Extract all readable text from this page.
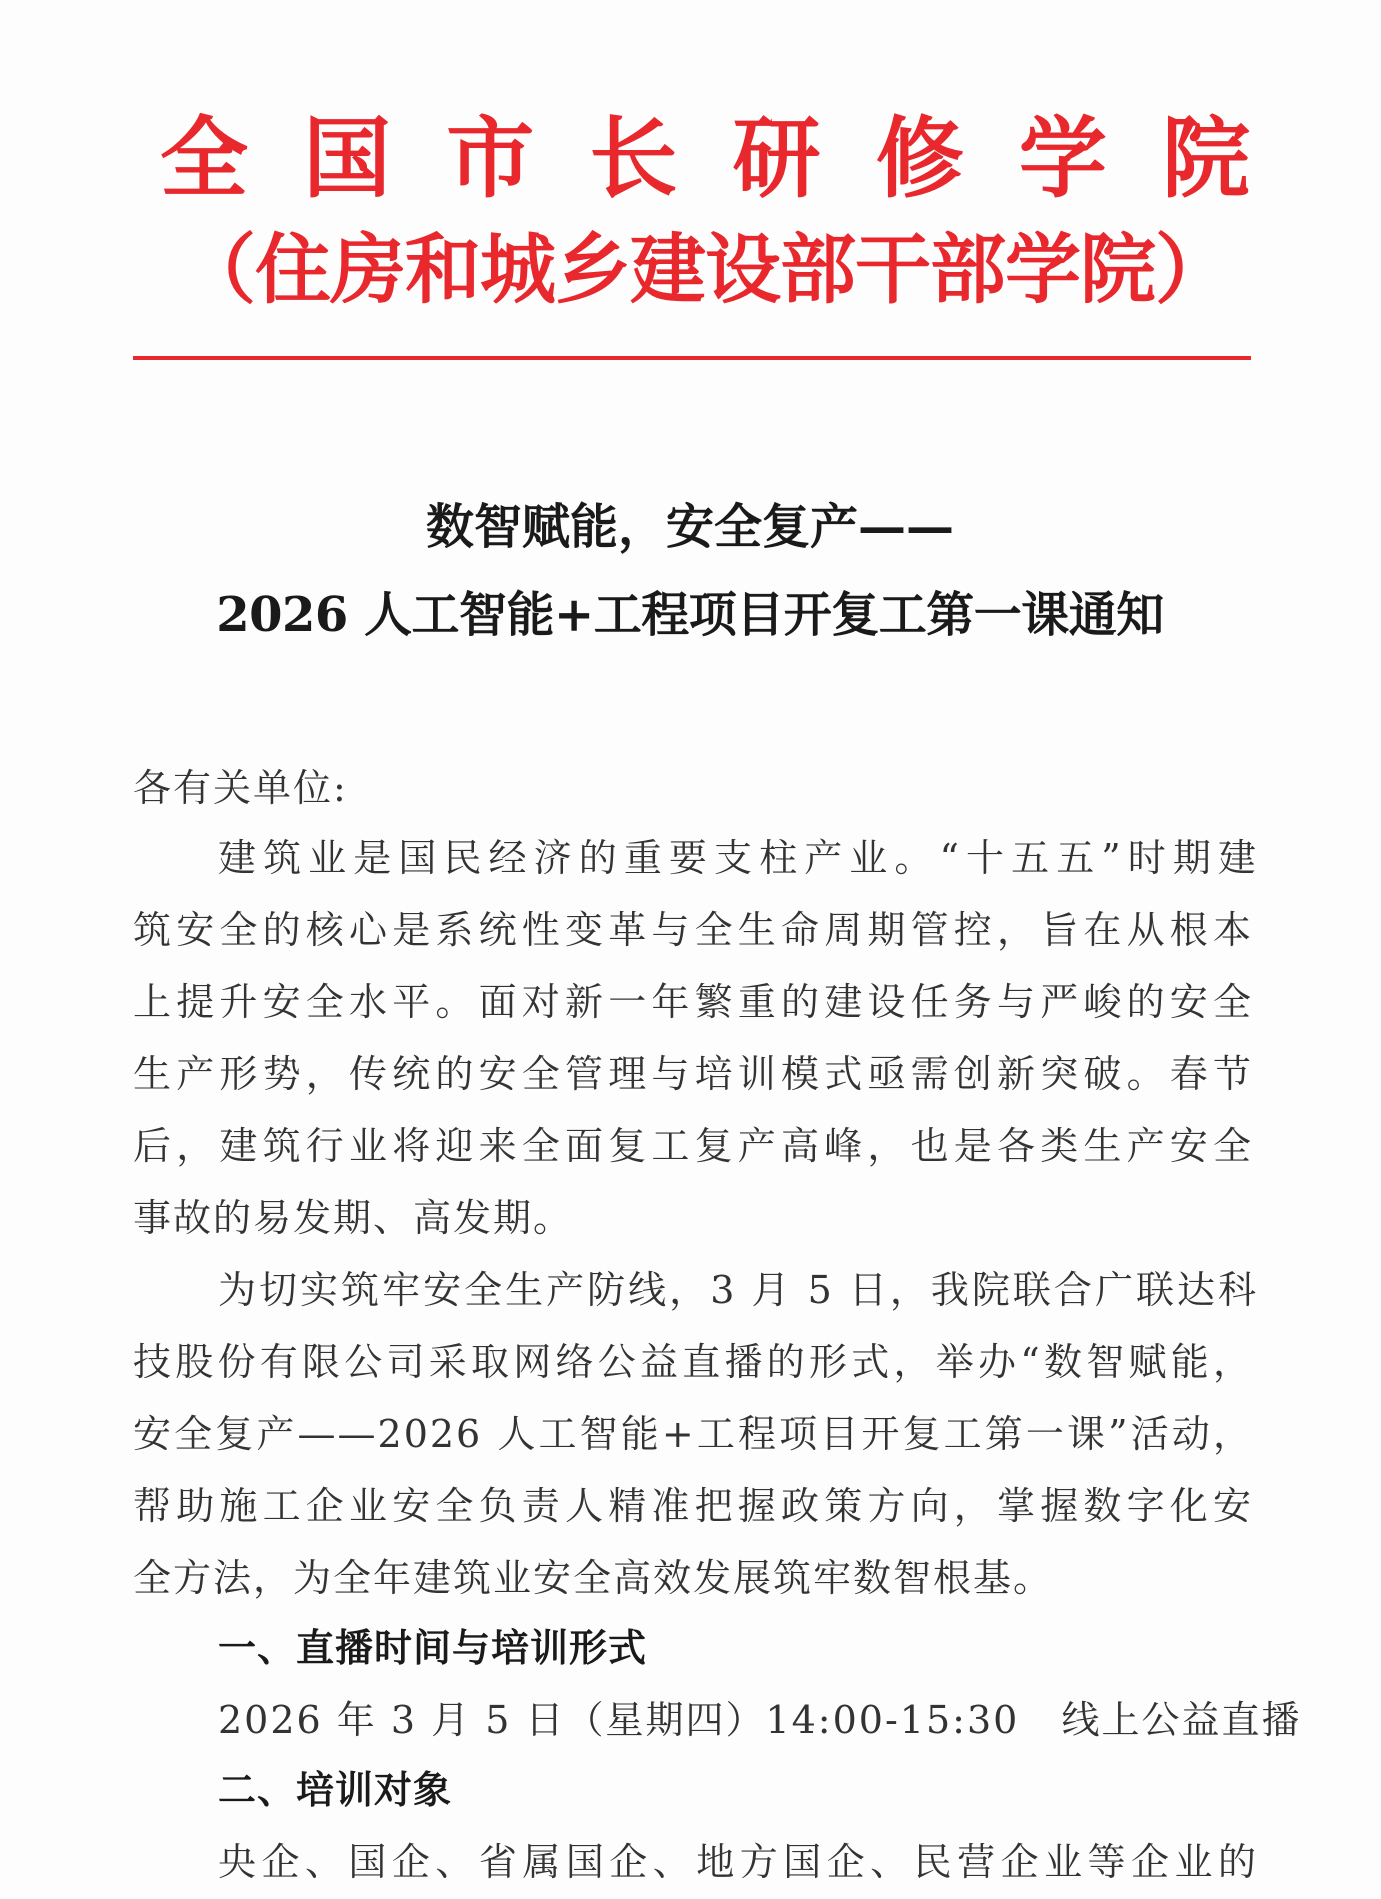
全 国 市 长 研 修 学 院
（住房和城乡建设部干部学院）
数智赋能，安全复产——
2026 人工智能+工程项目开复工第一课通知
各有关单位:
建筑业是国民经济的重要支柱产业。“十五五”时期建
筑安全的核心是系统性变革与全生命周期管控，旨在从根本
上提升安全水平。面对新一年繁重的建设任务与严峻的安全
生产形势，传统的安全管理与培训模式亟需创新突破。春节
后，建筑行业将迎来全面复工复产高峰，也是各类生产安全
事故的易发期、高发期。
为切实筑牢安全生产防线，3 月 5 日，我院联合广联达科
技股份有限公司采取网络公益直播的形式，举办“数智赋能，
安全复产——2026 人工智能+工程项目开复工第一课”活动，
帮助施工企业安全负责人精准把握政策方向，掌握数字化安
全方法，为全年建筑业安全高效发展筑牢数智根基。
一、直播时间与培训形式
2026 年 3 月 5 日（星期四）14:00-15:30   线上公益直播
二、培训对象
央企、国企、省属国企、地方国企、民营企业等企业的
